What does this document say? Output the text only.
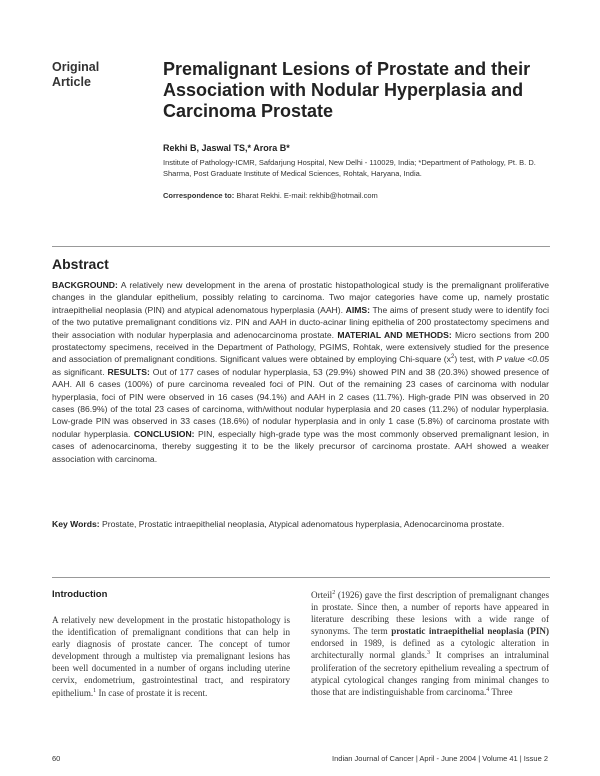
Original Article
Premalignant Lesions of Prostate and their Association with Nodular Hyperplasia and Carcinoma Prostate
Rekhi B, Jaswal TS,* Arora B*
Institute of Pathology-ICMR, Safdarjung Hospital, New Delhi - 110029, India; *Department of Pathology, Pt. B. D. Sharma, Post Graduate Institute of Medical Sciences, Rohtak, Haryana, India.
Correspondence to: Bharat Rekhi. E-mail: rekhib@hotmail.com
Abstract
BACKGROUND: A relatively new development in the arena of prostatic histopathological study is the premalignant proliferative changes in the glandular epithelium, possibly relating to carcinoma. Two major categories have come up, namely prostatic intraepithelial neoplasia (PIN) and atypical adenomatous hyperplasia (AAH). AIMS: The aims of present study were to identify foci of the two putative premalignant conditions viz. PIN and AAH in ducto-acinar lining epithelia of 200 prostatectomy specimens and their association with nodular hyperplasia and adenocarcinoma prostate. MATERIAL AND METHODS: Micro sections from 200 prostatectomy specimens, received in the Department of Pathology, PGIMS, Rohtak, were extensively studied for the presence and association of premalignant conditions. Significant values were obtained by employing Chi-square $(x^2)$ test, with P value <0.05 as significant. RESULTS: Out of 177 cases of nodular hyperplasia, 53 (29.9%) showed PIN and 38 (20.3%) showed presence of AAH. All 6 cases (100%) of pure carcinoma revealed foci of PIN. Out of the remaining 23 cases of carcinoma with nodular hyperplasia, foci of PIN were observed in 16 cases (94.1%) and AAH in 2 cases (11.7%). High-grade PIN was observed in 20 cases (86.9%) of the total 23 cases of carcinoma, with/without nodular hyperplasia and 20 cases (11.2%) of nodular hyperplasia. Low-grade PIN was observed in 33 cases (18.6%) of nodular hyperplasia and in only 1 case (5.8%) of carcinoma prostate with nodular hyperplasia. CONCLUSION: PIN, especially high-grade type was the most commonly observed premalignant lesion, in cases of adenocarcinoma, thereby suggesting it to be the likely precursor of carcinoma prostate. AAH showed a weaker association with carcinoma.
Key Words: Prostate, Prostatic intraepithelial neoplasia, Atypical adenomatous hyperplasia, Adenocarcinoma prostate.
Introduction
A relatively new development in the prostatic histopathology is the identification of premalignant conditions that can help in early diagnosis of prostate cancer. The concept of tumor development through a multistep via premalignant lesions has been well documented in a number of organs including uterine cervix, endometrium, gastrointestinal tract, and respiratory epithelium.$^1$ In case of prostate it is recent.
Orteil$^2$ (1926) gave the first description of premalignant changes in prostate. Since then, a number of reports have appeared in literature describing these lesions with a wide range of synonyms. The term prostatic intraepithelial neoplasia (PIN) endorsed in 1989, is defined as a cytologic alteration in architecturally normal glands.$^3$ It comprises an intraluminal proliferation of the secretory epithelium revealing a spectrum of atypical cytological changes ranging from minimal changes to those that are indistinguishable from carcinoma.$^4$ Three
60	Indian Journal of Cancer | April - June 2004 | Volume 41 | Issue 2
